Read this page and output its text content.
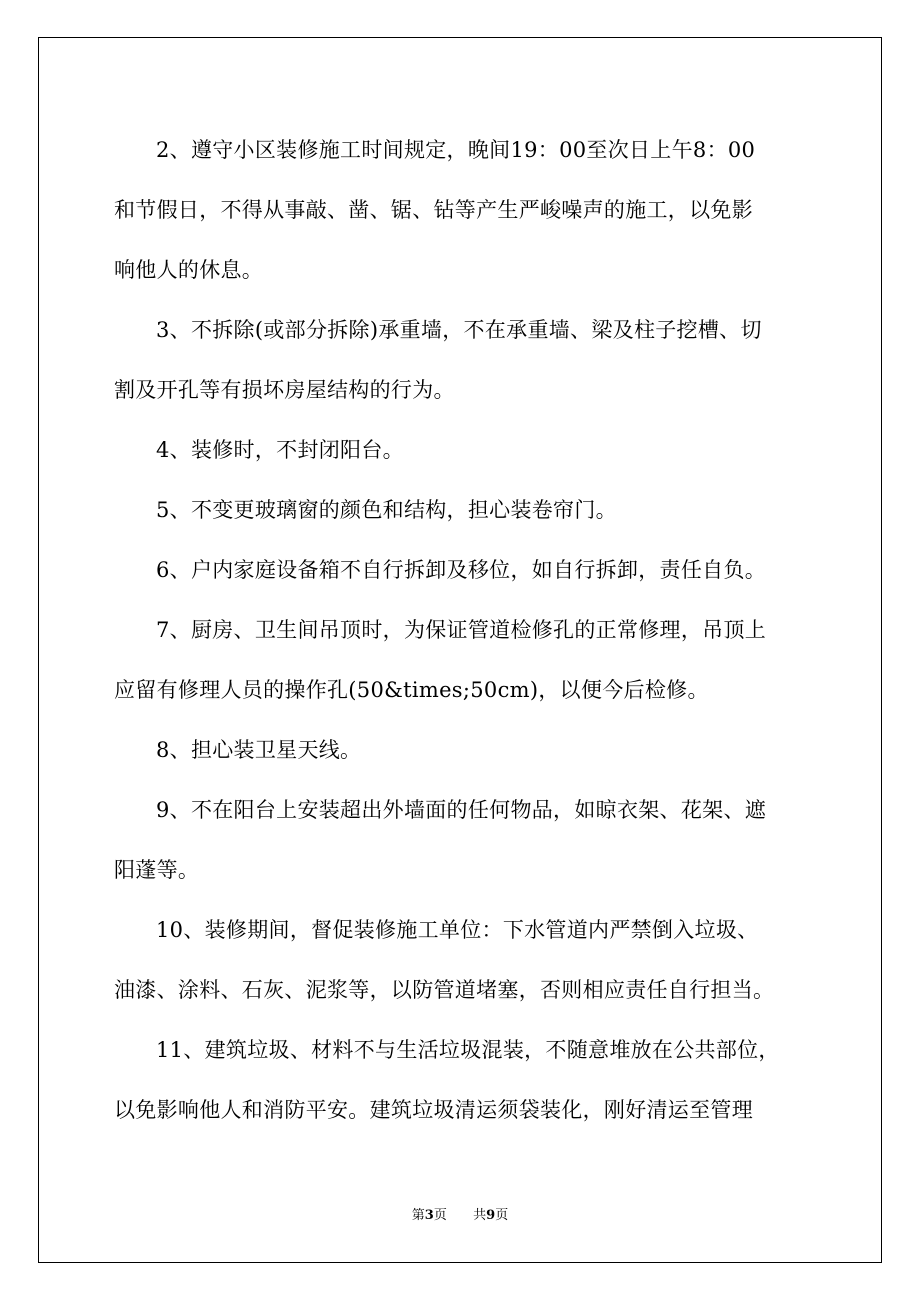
2、遵守小区装修施工时间规定，晚间19：00至次日上午8：00
和节假日，不得从事敲、凿、锯、钻等产生严峻噪声的施工，以免影
响他人的休息。

3、不拆除(或部分拆除)承重墙，不在承重墙、梁及柱子挖槽、切
割及开孔等有损坏房屋结构的行为。

4、装修时，不封闭阳台。

5、不变更玻璃窗的颜色和结构，担心装卷帘门。

6、户内家庭设备箱不自行拆卸及移位，如自行拆卸，责任自负。

7、厨房、卫生间吊顶时，为保证管道检修孔的正常修理，吊顶上
应留有修理人员的操作孔(50&times;50cm)，以便今后检修。

8、担心装卫星天线。

9、不在阳台上安装超出外墙面的任何物品，如晾衣架、花架、遮
阳蓬等。

10、装修期间，督促装修施工单位：下水管道内严禁倒入垃圾、
油漆、涂料、石灰、泥浆等，以防管道堵塞，否则相应责任自行担当。

11、建筑垃圾、材料不与生活垃圾混装，不随意堆放在公共部位，
以免影响他人和消防平安。建筑垃圾清运须袋装化，刚好清运至管理

第3页 共9页
